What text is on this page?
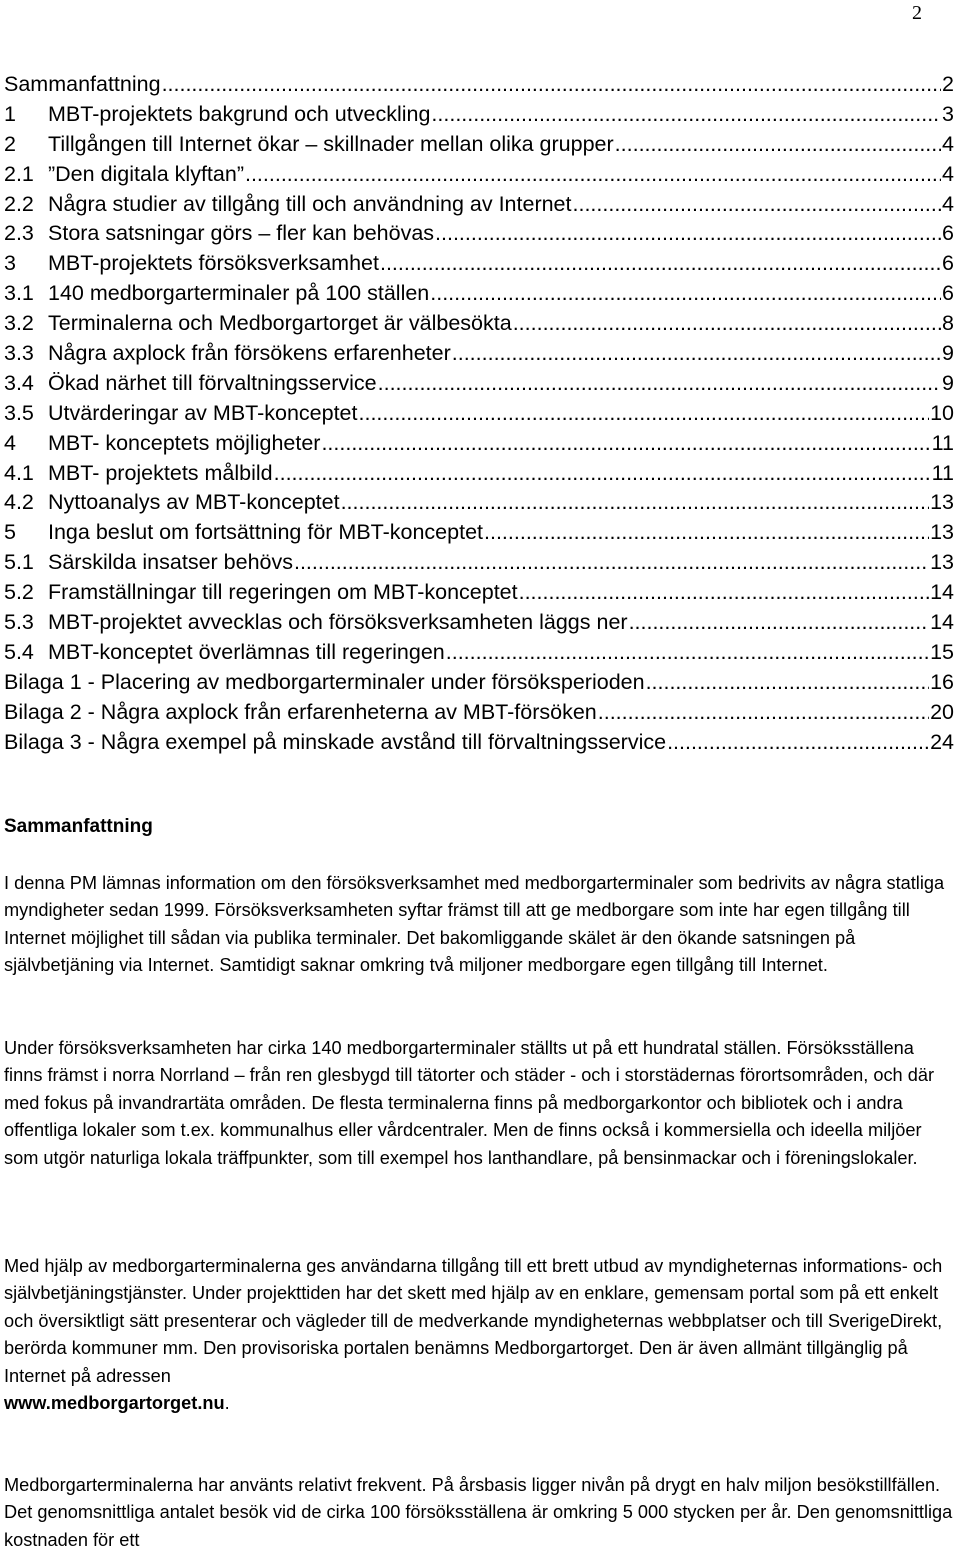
2
Sammanfattning .....	2
1	MBT-projektets bakgrund och utveckling .....	3
2	Tillgången till Internet ökar – skillnader mellan olika grupper .....	4
2.1 ”Den digitala klyftan” .....	4
2.2 Några studier av tillgång till och användning av Internet .....	4
2.3 Stora satsningar görs – fler kan behövas .....	6
3	MBT-projektets försöksverksamhet .....	6
3.1 140 medborgarterminaler på 100 ställen .....	6
3.2 Terminalerna och Medborgartorget är välbesökta .....	8
3.3 Några axplock från försökens erfarenheter .....	9
3.4 Ökad närhet till förvaltningsservice .....	9
3.5 Utvärderingar av MBT-konceptet .....	10
4	MBT- konceptets möjligheter .....	11
4.1 MBT- projektets målbild .....	11
4.2 Nyttoanalys av MBT-konceptet .....	13
5	Inga beslut om fortsättning för MBT-konceptet .....	13
5.1 Särskilda insatser behövs .....	13
5.2 Framställningar till regeringen om MBT-konceptet .....	14
5.3 MBT-projektet avvecklas och försöksverksamheten läggs ner .....	14
5.4 MBT-konceptet överlämnas till regeringen .....	15
Bilaga 1 - Placering av medborgarterminaler under försöksperioden .....	16
Bilaga 2 - Några axplock från erfarenheterna av MBT-försöken .....	20
Bilaga 3 - Några exempel på minskade avstånd till förvaltningsservice .....	24
Sammanfattning

I denna PM lämnas information om den försöksverksamhet med medborgarterminaler som bedrivits av några statliga myndigheter sedan 1999. Försöksverksamheten syftar främst till att ge medborgare som inte har egen tillgång till Internet möjlighet till sådan via publika terminaler. Det bakomliggande skälet är den ökande satsningen på självbetjäning via Internet. Samtidigt saknar omkring två miljoner medborgare egen tillgång till Internet.

Under försöksverksamheten har cirka 140 medborgarterminaler ställts ut på ett hundratal ställen. Försöksställena finns främst i norra Norrland – från ren glesbygd till tätorter och städer - och i storstädernas förortsområden, och där med fokus på invandrartäta områden. De flesta terminalerna finns på medborgarkontor och bibliotek och i andra offentliga lokaler som t.ex. kommunalhus eller vårdcentraler. Men de finns också i kommersiella och ideella miljöer som utgör naturliga lokala träffpunkter, som till exempel hos lanthandlare, på bensinmackar och i föreningslokaler.

Med hjälp av medborgarterminalerna ges användarna tillgång till ett brett utbud av myndigheternas informations- och självbetjäningstjänster. Under projekttiden har det skett med hjälp av en enklare, gemensam portal som på ett enkelt och översiktligt sätt presenterar och vägleder till de medverkande myndigheternas webbplatser och till SverigeDirekt, berörda kommuner mm. Den provisoriska portalen benämns Medborgartorget. Den är även allmänt tillgänglig på Internet på adressen
www.medborgartorget.nu.

Medborgarterminalerna har använts relativt frekvent. På årsbasis ligger nivån på drygt en halv miljon besökstillfällen. Det genomsnittliga antalet besök vid de cirka 100 försöksställena är omkring 5 000 stycken per år. Den genomsnittliga kostnaden för ett
